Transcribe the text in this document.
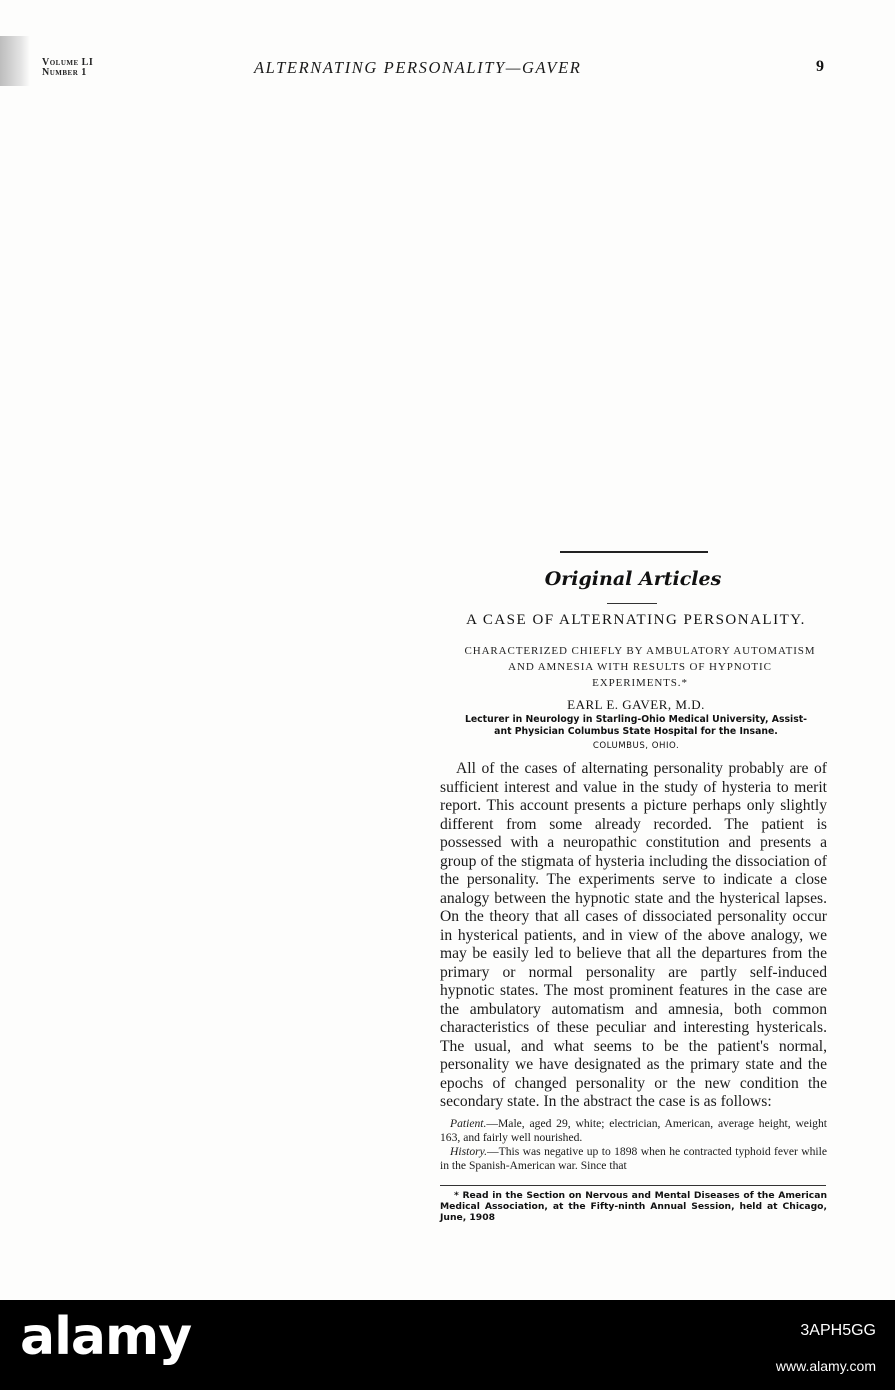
Volume LI
Number 1	ALTERNATING PERSONALITY—GAVER	9
Original Articles
A CASE OF ALTERNATING PERSONALITY.
CHARACTERIZED CHIEFLY BY AMBULATORY AUTOMATISM
AND AMNESIA WITH RESULTS OF HYPNOTIC
EXPERIMENTS.*
EARL E. GAVER, M.D.
Lecturer in Neurology in Starling-Ohio Medical University, Assist-
ant Physician Columbus State Hospital for the Insane.
COLUMBUS, OHIO.

All of the cases of alternating personality probably are of sufficient interest and value in the study of hysteria to merit report. This account presents a picture perhaps only slightly different from some already recorded. The patient is possessed with a neuropathic constitution and presents a group of the stigmata of hysteria including the dissociation of the personality. The experiments serve to indicate a close analogy between the hypnotic state and the hysterical lapses. On the theory that all cases of dissociated personality occur in hysterical patients, and in view of the above analogy, we may be easily led to believe that all the departures from the primary or normal personality are partly self-induced hypnotic states. The most prominent features in the case are the ambulatory automatism and amnesia, both common characteristics of these peculiar and interesting hystericals. The usual, and what seems to be the patient's normal, personality we have designated as the primary state and the epochs of changed personality or the new condition the secondary state. In the abstract the case is as follows:

Patient.—Male, aged 29, white; electrician, American, average height, weight 163, and fairly well nourished.

History.—This was negative up to 1898 when he contracted typhoid fever while in the Spanish-American war. Since that

* Read in the Section on Nervous and Mental Diseases of the American Medical Association, at the Fifty-ninth Annual Session, held at Chicago, June, 1908

alamy	3APH5GG
www.alamy.com
